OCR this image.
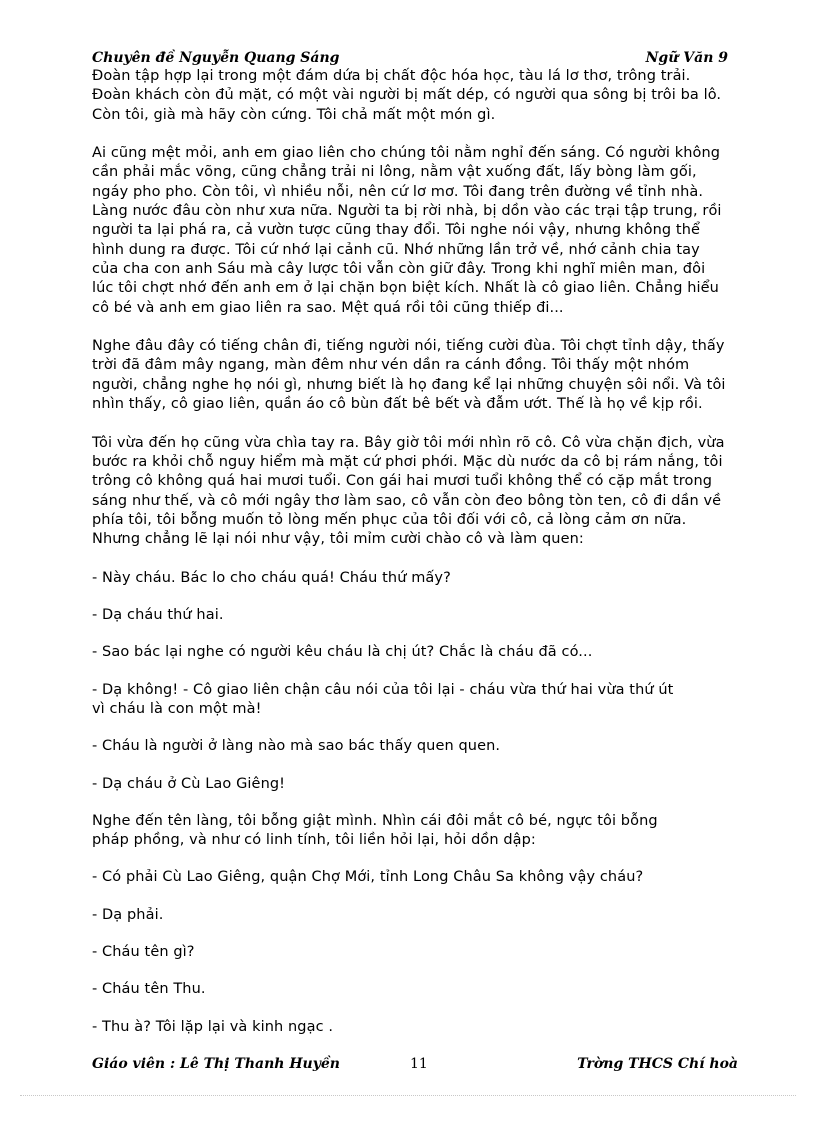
Chuyên đề Nguyễn Quang Sáng	Ngữ Văn 9
Đoàn tập hợp lại trong một đám dứa bị chất độc hóa học, tàu lá lơ thơ, trông trải.
Đoàn khách còn đủ mặt, có một vài người bị mất dép, có người qua sông bị trôi ba lô.
Còn tôi, già mà hãy còn cứng. Tôi chả mất một món gì.
Ai cũng mệt mỏi, anh em giao liên cho chúng tôi nằm nghỉ đến sáng. Có người không
cần phải mắc võng, cũng chẳng trải ni lông, nằm vật xuống đất, lấy bòng làm gối,
ngáy pho pho. Còn tôi, vì nhiều nỗi, nên cứ lơ mơ. Tôi đang trên đường về tỉnh nhà.
Làng nước đâu còn như xưa nữa. Người ta bị rời nhà, bị dồn vào các trại tập trung, rồi
người ta lại phá ra, cả vườn tược cũng thay đổi. Tôi nghe nói vậy, nhưng không thể
hình dung ra được. Tôi cứ nhớ lại cảnh cũ. Nhớ những lần trở về, nhớ cảnh chia tay
của cha con anh Sáu mà cây lược tôi vẫn còn giữ đây. Trong khi nghĩ miên man, đôi
lúc tôi chợt nhớ đến anh em ở lại chặn bọn biệt kích. Nhất là cô giao liên. Chẳng hiểu
cô bé và anh em giao liên ra sao. Mệt quá rồi tôi cũng thiếp đi...
Nghe đâu đây có tiếng chân đi, tiếng người nói, tiếng cười đùa. Tôi chợt tỉnh dậy, thấy
trời đã đâm mây ngang, màn đêm như vén dần ra cánh đồng. Tôi thấy một nhóm
người, chẳng nghe họ nói gì, nhưng biết là họ đang kể lại những chuyện sôi nổi. Và tôi
nhìn thấy, cô giao liên, quần áo cô bùn đất bê bết và đẫm ướt. Thế là họ về kịp rồi.
Tôi vừa đến họ cũng vừa chìa tay ra. Bây giờ tôi mới nhìn rõ cô. Cô vừa chặn địch, vừa
bước ra khỏi chỗ nguy hiểm mà mặt cứ phơi phới. Mặc dù nước da cô bị rám nắng, tôi
trông cô không quá hai mươi tuổi. Con gái hai mươi tuổi không thể có cặp mắt trong
sáng như thế, và cô mới ngây thơ làm sao, cô vẫn còn đeo bông tòn ten, cô đi dần về
phía tôi, tôi bỗng muốn tỏ lòng mến phục của tôi đối với cô, cả lòng cảm ơn nữa.
Nhưng chẳng lẽ lại nói như vậy, tôi mỉm cười chào cô và làm quen:
- Này cháu. Bác lo cho cháu quá! Cháu thứ mấy?
- Dạ cháu thứ hai.
- Sao bác lại nghe có người kêu cháu là chị út? Chắc là cháu đã có...
- Dạ không! - Cô giao liên chận câu nói của tôi lại - cháu vừa thứ hai vừa thứ út
vì cháu là con một mà!
- Cháu là người ở làng nào mà sao bác thấy quen quen.
- Dạ cháu ở Cù Lao Giêng!
Nghe đến tên làng, tôi bỗng giật mình. Nhìn cái đôi mắt cô bé, ngực tôi bỗng
pháp phồng, và như có linh tính, tôi liền hỏi lại, hỏi dồn dập:
- Có phải Cù Lao Giêng, quận Chợ Mới, tỉnh Long Châu Sa không vậy cháu?
- Dạ phải.
- Cháu tên gì?
- Cháu tên Thu.
- Thu à? Tôi lặp lại và kinh ngạc .
Giáo viên : Lê Thị Thanh Huyền	11	Trờng THCS Chí hoà
